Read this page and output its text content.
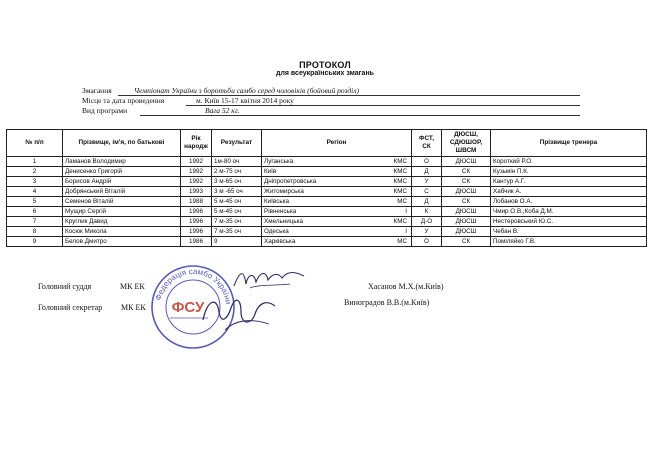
ПРОТОКОЛ
для всеукраїнських змагань
Змагання	Чемпіонат України з боротьби самбо серед чоловіків (бойовий розділ)
Місце та дата проведення	м. Київ 15-17 квітня 2014 року
Вид програми	Вага 52 кг.
№ п/п	Прізвище, ім'я, по батькові	Рік народж	Результат	Регіон	ФСТ, СК	ДЮСШ, СДЮШОР, ШВСМ	Прізвище тренера
1	Ламанов Володимир	1992	1м-80 оч	Луганська КМС	О	ДЮСШ	Короткий Р.О.
2	Денисенко Григорій	1992	2 м-75 оч	Київ КМС	Д	СК	Кузьмін П.К.
3	Борисов Андрій	1992	3 м-65 оч	Дніпропетровська КМС	У	СК	Кантур А.Г.
4	Добрянський Віталій	1993	3 м -65 оч	Житомирська КМС	С	ДЮСШ	Хабчик А.
5	Семенов Віталій	1988	5 м-45 оч	Київська МС	Д	СК	Лобанов О.А.
6	Мущир Сергій	1996	5 м-45 оч	Рівненська І	К	ДЮСШ	Чмир О.В.,Коба Д.М.
7	Круглик Давид	1996	7 м-35 оч	Хмельницька КМС	Д-О	ДЮСШ	Нестеровський Ю.С.
8	Косюк Микола	1996	7 м-35 оч	Одеська І	У	ДЮСШ	Чебан В.
9	Белов Дмитро	1986	9	Харківська МС	О	СК	Поміляйко Г.В.
Головний суддя	МК ЕК	Хасанов М.Х.(м.Київ)
Головний секретар МК ЕК
Виноградов В.В.(м.Київ)
Федерація самбо України
ФСУ
